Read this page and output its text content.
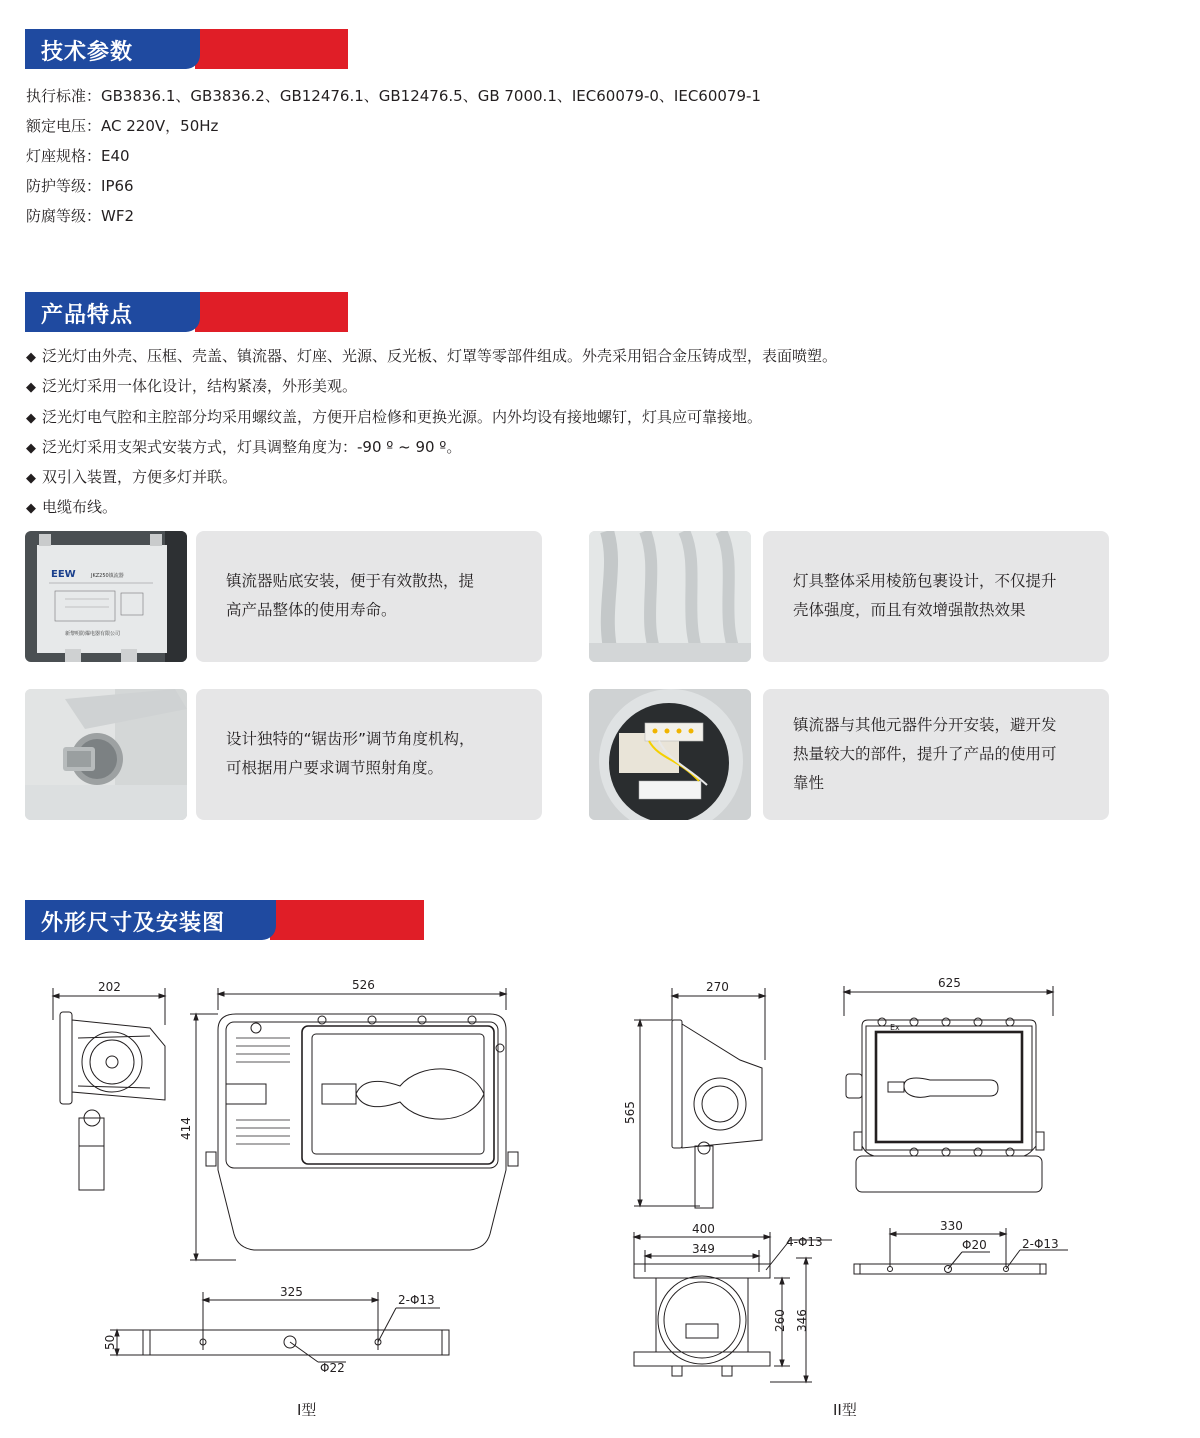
技术参数
执行标准：GB3836.1、GB3836.2、GB12476.1、GB12476.5、GB 7000.1、IEC60079-0、IEC60079-1
额定电压：AC 220V，50Hz
灯座规格：E40
防护等级：IP66
防腐等级：WF2
产品特点
◆ 泛光灯由外壳、压框、壳盖、镇流器、灯座、光源、反光板、灯罩等零部件组成。外壳采用铝合金压铸成型，表面喷塑。
◆ 泛光灯采用一体化设计，结构紧凑，外形美观。
◆ 泛光灯电气腔和主腔部分均采用螺纹盖，方便开启检修和更换光源。内外均设有接地螺钉，灯具应可靠接地。
◆ 泛光灯采用支架式安装方式，灯具调整角度为：-90 º ~ 90 º。
◆ 双引入装置，方便多灯并联。
◆ 电缆布线。
EEW	JKZ250镇流器
新黎明防爆电器有限公司
镇流器贴底安装，便于有效散热，提
高产品整体的使用寿命。
灯具整体采用棱筋包裹设计，不仅提升
壳体强度，而且有效增强散热效果
设计独特的“锯齿形”调节角度机构，
可根据用户要求调节照射角度。
镇流器与其他元器件分开安装，避开发
热量较大的部件，提升了产品的使用可
靠性
外形尺寸及安装图
202	526
414
325
2-Φ13
50
Φ22
270
565
625
400
349	4-Φ13
260 346
330
Φ20	2-Φ13
Ex
I型	II型
